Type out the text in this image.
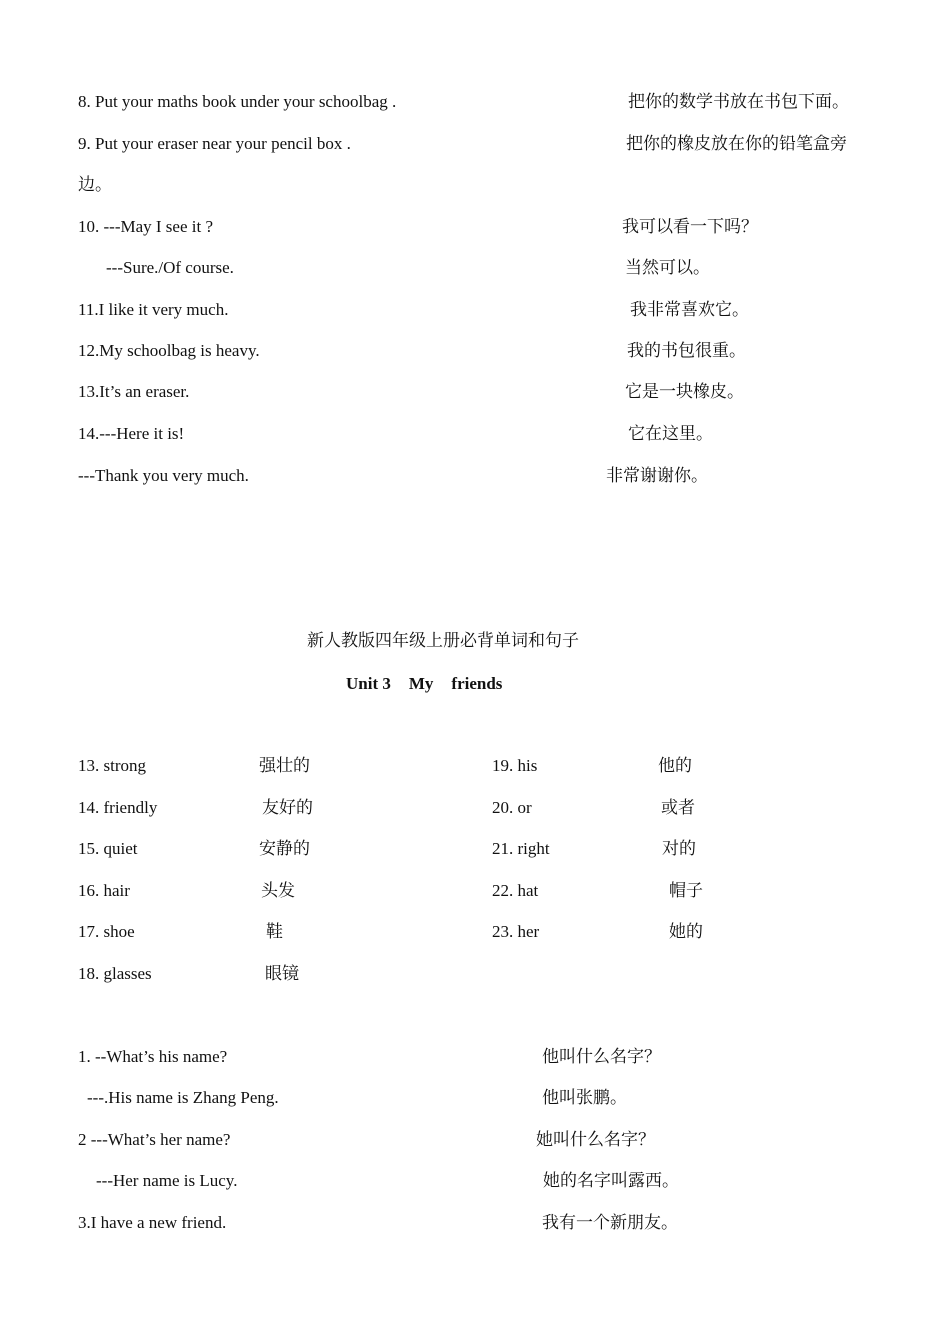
8. Put your maths book under your schoolbag .	把你的数学书放在书包下面。
9. Put your eraser near your pencil box .	把你的橡皮放在你的铅笔盒旁
边。
10. ---May I see it ?	我可以看一下吗？
---Sure./Of course.	当然可以。
11.I like it very much.	我非常喜欢它。
12.My schoolbag is heavy.	我的书包很重。
13.It’s an eraser.	它是一块橡皮。
14.---Here it is!	它在这里。
---Thank you very much.	非常谢谢你。
新人教版四年级上册必背单词和句子
Unit 3 My friends
13. strong	强壮的
14. friendly	友好的
15. quiet	安静的
16. hair	头发
17. shoe	鞋
18. glasses	眼镜
19. his	他的
20. or	或者
21. right	对的
22. hat	帽子
23. her	她的
1. --What’s his name?	他叫什么名字？
---.His name is Zhang Peng.	他叫张鹏。
2 ---What’s her name?	她叫什么名字？
---Her name is Lucy.	她的名字叫露西。
3.I have a new friend.	我有一个新朋友。
